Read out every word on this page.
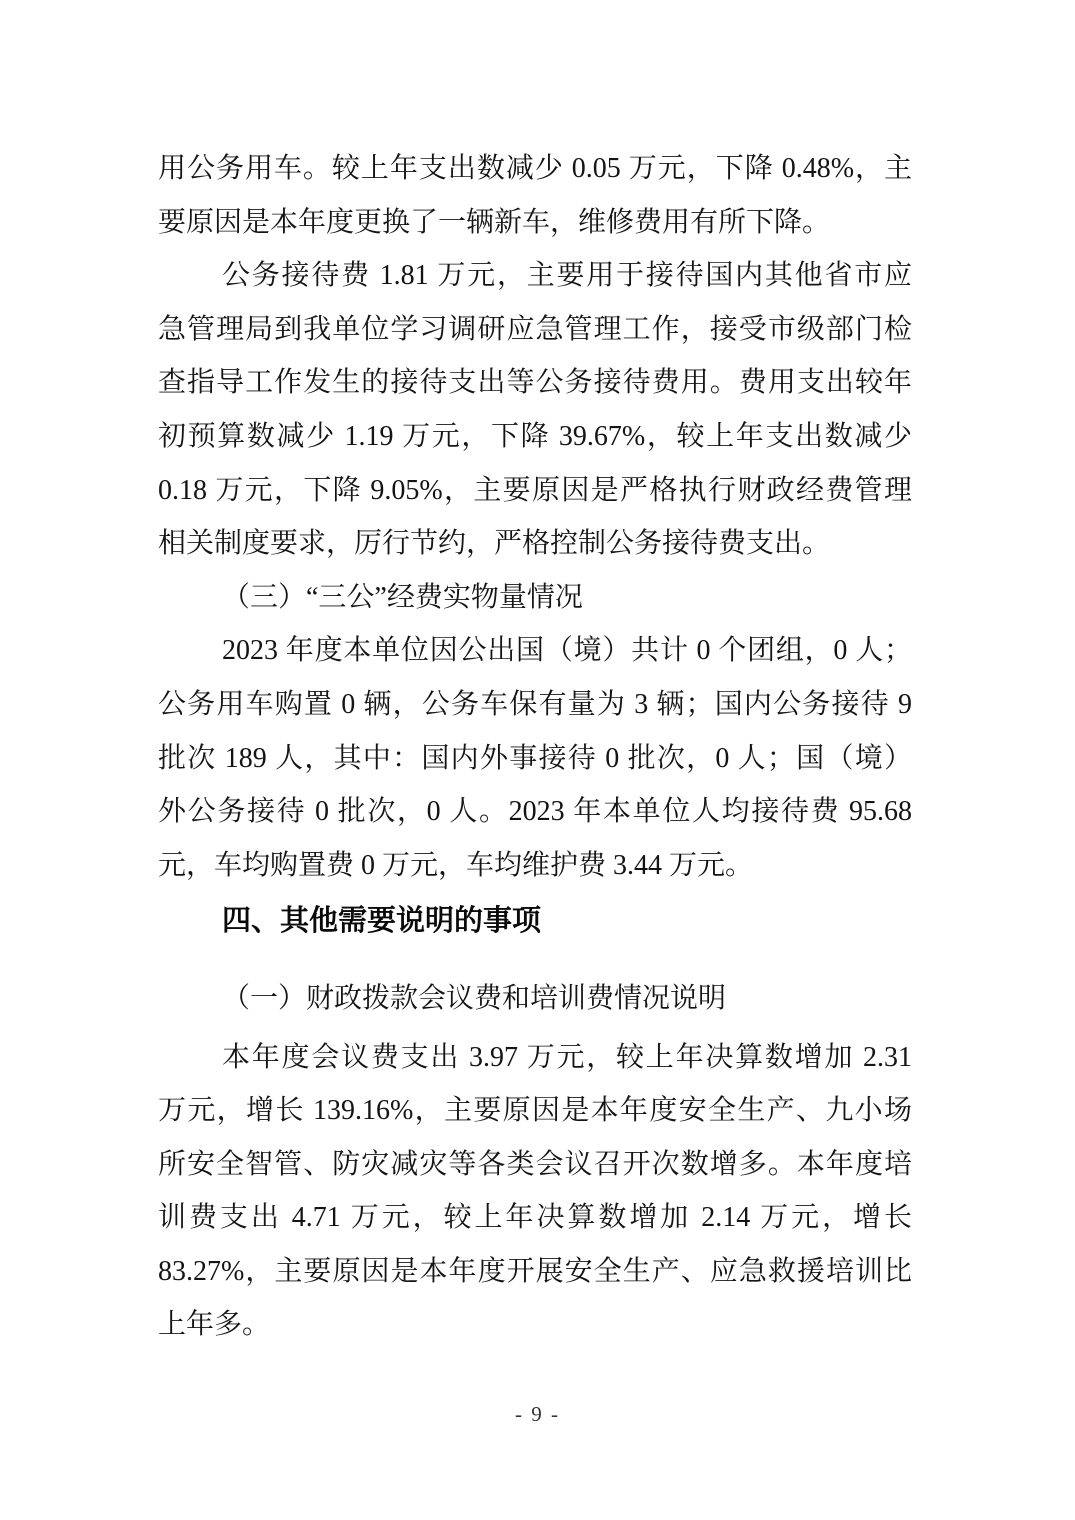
用公务用车。较上年支出数减少 0.05 万元，下降 0.48%，主
要原因是本年度更换了一辆新车，维修费用有所下降。
公务接待费 1.81 万元，主要用于接待国内其他省市应
急管理局到我单位学习调研应急管理工作，接受市级部门检
查指导工作发生的接待支出等公务接待费用。费用支出较年
初预算数减少 1.19 万元，下降 39.67%，较上年支出数减少
0.18 万元，下降 9.05%，主要原因是严格执行财政经费管理
相关制度要求，厉行节约，严格控制公务接待费支出。
（三）“三公”经费实物量情况
2023 年度本单位因公出国（境）共计 0 个团组，0 人；
公务用车购置 0 辆，公务车保有量为 3 辆；国内公务接待 9
批次 189 人，其中：国内外事接待 0 批次，0 人；国（境）
外公务接待 0 批次，0 人。2023 年本单位人均接待费 95.68
元，车均购置费 0 万元，车均维护费 3.44 万元。
四、其他需要说明的事项
（一）财政拨款会议费和培训费情况说明
本年度会议费支出 3.97 万元，较上年决算数增加 2.31
万元，增长 139.16%，主要原因是本年度安全生产、九小场
所安全智管、防灾减灾等各类会议召开次数增多。本年度培
训费支出 4.71 万元，较上年决算数增加 2.14 万元，增长
83.27%，主要原因是本年度开展安全生产、应急救援培训比
上年多。
- 9 -
